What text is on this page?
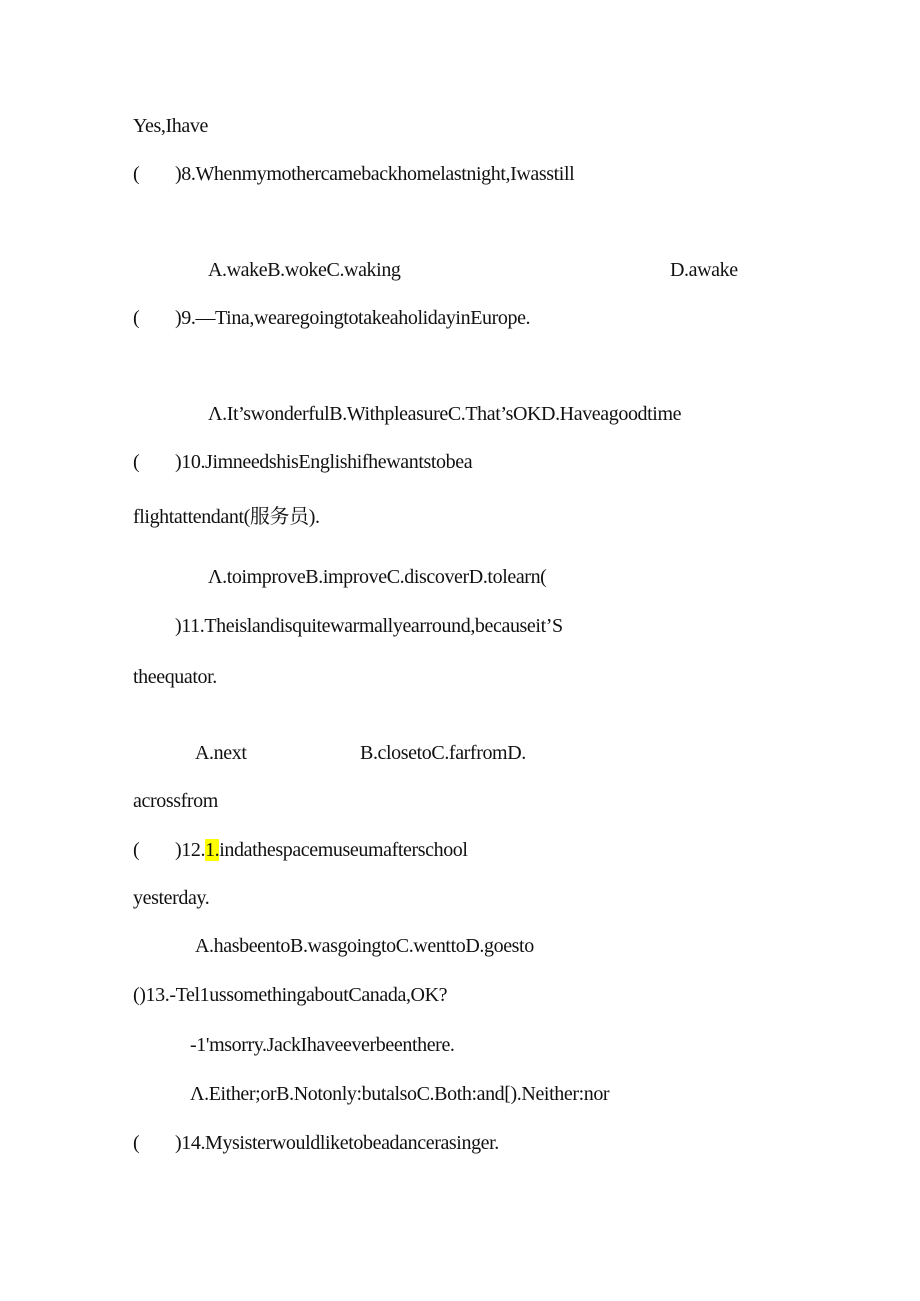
Yes,Ihave
( )8.Whenmymothercamebackhomelastnight,Iwasstill
A.wakeB.wokeC.waking	D.awake
( )9.—Tina,wearegoingtotakeaholidayinEurope.
Λ.It’swonderfulB.WithpleasureC.That’sOKD.Haveagoodtime
( )10.JimneedshisEnglishifhewantstobea
flightattendant(服务员).
Λ.toimproveB.improveC.discoverD.tolearn(
)11.Theislandisquitewarmallyearround,becauseit’S
theequator.
A.next	B.closetoC.farfromD.
acrossfrom
( )12.1.indathespacemuseumafterschool
yesterday.
A.hasbeentoB.wasgoingtoC.wenttoD.goesto
()13.-Tel1ussomethingaboutCanada,OK?
-1'msorry.JackIhaveeverbeenthere.
Λ.Either;orB.Notonly:butalsoC.Both:and[).Neither:nor
( )14.Mysisterwouldliketobeadancerasinger.
